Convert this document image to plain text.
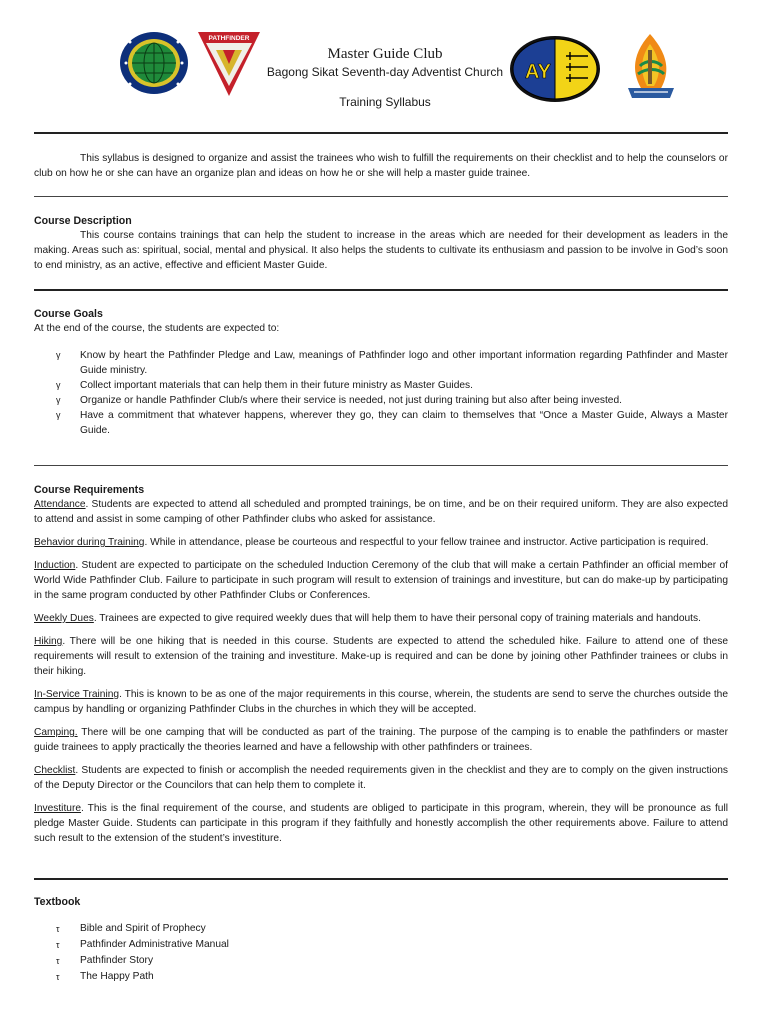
PATHFINDER
Master Guide Club
Bagong Sikat Seventh-day Adventist Church
Training Syllabus
AY
This syllabus is designed to organize and assist the trainees who wish to fulfill the requirements on their checklist and to help the counselors or club on how he or she can have an organize plan and ideas on how he or she will help a master guide trainee.
Course Description
This course contains trainings that can help the student to increase in the areas which are needed for their development as leaders in the making. Areas such as: spiritual, social, mental and physical. It also helps the students to cultivate its enthusiasm and passion to be involve in God’s soon to end ministry, as an active, effective and efficient Master Guide.
Course Goals
At the end of the course, the students are expected to:
γ Know by heart the Pathfinder Pledge and Law, meanings of Pathfinder logo and other important information regarding Pathfinder and Master Guide ministry.
γ Collect important materials that can help them in their future ministry as Master Guides.
γ Organize or handle Pathfinder Club/s where their service is needed, not just during training but also after being invested.
γ Have a commitment that whatever happens, wherever they go, they can claim to themselves that “Once a Master Guide, Always a Master Guide.
Course Requirements

Attendance. Students are expected to attend all scheduled and prompted trainings, be on time, and be on their required uniform. They are also expected to attend and assist in some camping of other Pathfinder clubs who asked for assistance.

Behavior during Training. While in attendance, please be courteous and respectful to your fellow trainee and instructor. Active participation is required.

Induction. Student are expected to participate on the scheduled Induction Ceremony of the club that will make a certain Pathfinder an official member of World Wide Pathfinder Club. Failure to participate in such program will result to extension of trainings and investiture, but can do make-up by participating in the same program conducted by other Pathfinder Clubs or Conferences.

Weekly Dues. Trainees are expected to give required weekly dues that will help them to have their personal copy of training materials and handouts.

Hiking. There will be one hiking that is needed in this course. Students are expected to attend the scheduled hike. Failure to attend one of these requirements will result to extension of the training and investiture. Make-up is required and can be done by joining other Pathfinder trainees or clubs in their hiking.

In-Service Training. This is known to be as one of the major requirements in this course, wherein, the students are send to serve the churches outside the campus by handling or organizing Pathfinder Clubs in the churches in which they will be accepted.

Camping. There will be one camping that will be conducted as part of the training. The purpose of the camping is to enable the pathfinders or master guide trainees to apply practically the theories learned and have a fellowship with other pathfinders or trainees.

Checklist. Students are expected to finish or accomplish the needed requirements given in the checklist and they are to comply on the given instructions of the Deputy Director or the Councilors that can help them to complete it.

Investiture. This is the final requirement of the course, and students are obliged to participate in this program, wherein, they will be pronounce as full pledge Master Guide. Students can participate in this program if they faithfully and honestly accomplish the other requirements above. Failure to attend such result to the extension of the student’s investiture.

Textbook
τ Bible and Spirit of Prophecy
τ Pathfinder Administrative Manual
τ Pathfinder Story
τ The Happy Path
